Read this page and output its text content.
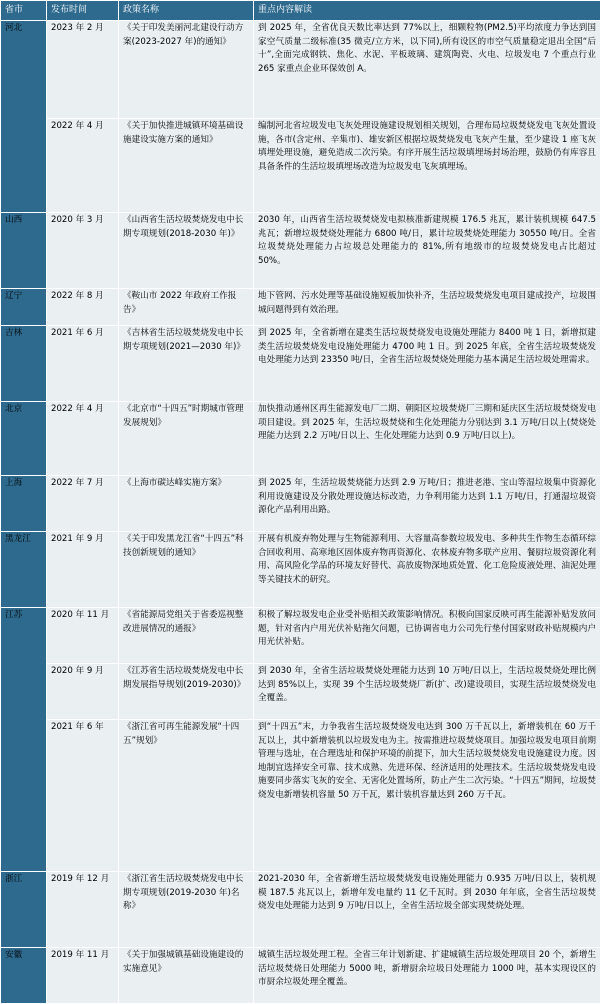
省市	发布时间	政策名称	重点内容解读
河北	2023 年 2 月	《关于印发美丽河北建设行动方案(2023-2027 年)的通知》	到 2025 年，全省优良天数比率达到 77%以上，细颗粒物(PM2.5)平均浓度力争达到国家空气质量二级标准(35 微克/立方米，以下同),所有设区的市空气质量稳定退出全国“后十”,全面完成钢铁、焦化、水泥、平板玻璃、建筑陶瓷、火电、垃圾发电 7 个重点行业 265 家重点企业环保效创 A。
	2022 年 4 月	《关于加快推进城镇环境基础设施建设实施方案的通知》	编制河北省垃圾发电飞灰处理设施建设规划相关规划，合理布局垃圾焚烧发电飞灰处置设施，各市(含定州、辛集市)、雄安新区根据垃圾焚烧发电飞灰产生量，至少建设 1 座飞灰填埋处理设施，避免造成二次污染。有序开展生活垃圾填埋场封场治理，鼓励仍有库容且具备条件的生活垃圾填埋场改造为垃圾发电飞灰填埋场。
山西	2020 年 3 月	《山西省生活垃圾焚烧发电中长期专项规划(2018-2030 年)》	2030 年，山西省生活垃圾焚烧发电拟核准新建规模 176.5 兆瓦，累计装机规模 647.5 兆瓦；新增垃圾焚烧处理能力 6800 吨/日，累计垃圾焚烧处理能力 30550 吨/日。全省垃圾焚烧处理能力占垃圾总处理能力的 81%,所有地级市的垃圾焚烧发电占比超过 50%。
辽宁	2022 年 8 月	《鞍山市 2022 年政府工作报告》	地下管网、污水处理等基础设施短板加快补齐，生活垃圾焚烧发电项目建成投产，垃圾围城问题得到有效治理。
吉林	2021 年 6 月	《吉林省生活垃圾焚烧发电中长期专项规划(2021—2030 年)》	到 2025 年，全省新增在建类生活垃圾焚烧发电设施处理能力 8400 吨 1 日，新增拟建类生活垃圾焚烧发电设施处理能力 4700 吨 1 日。到 2025 年底，全省生活垃圾焚烧发电处理能力达到 23350 吨/日，全省生活垃圾焚烧处理能力基本满足生活垃圾处理需求。
北京	2022 年 4 月	《北京市“十四五”时期城市管理发展规划》	加快推动通州区再生能源发电厂二期、朝阳区垃圾焚烧厂三期和延庆区生活垃圾焚烧发电项目建设。到 2025 年，生活垃圾焚烧和生化处理能力分别达到 3.1 万吨/日以上(焚烧处理能力达到 2.2 万吨/日以上、生化处理能力达到 0.9 万吨/日以上)。
上海	2022 年 7 月	《上海市碳达峰实施方案》	到 2025 年，生活垃圾焚烧能力达到 2.9 万吨/日；推进老港、宝山等湿垃圾集中资源化利用设施建设及分散处理设施达标改造，力争利用能力达到 1.1 万吨/日，打通湿垃圾资源化产品利用出路。
黑龙江	2021 年 9 月	《关于印发黑龙江省“十四五”科技创新规划的通知》	开展有机废弃物处理与生物能源利用、大容量高参数垃圾发电、多种共生作物生态循环综合回收利用、高寒地区固体废弃物再资源化、农林废弃物多联产应用、餐厨垃圾资源化利用、高风险化学品的环境友好替代、高放废物深地质处置、化工危险废液处理、油泥处理等关键技术的研究。
江苏	2020 年 11 月	《省能源局党组关于省委巡视整改进展情况的通报》	积极了解垃圾发电企业受补贴相关政策影响情况。积极向国家反映可再生能源补贴发放问题，针对省内户用光伏补贴拖欠问题，已协调省电力公司先行垫付国家财政补贴规模内户用光伏补贴。
	2020 年 9 月	《江苏省生活垃圾焚烧发电中长期发展指导规划(2019-2030)》	到 2030 年，全省生活垃圾焚烧处理能力达到 10 万吨/日以上，生活垃圾焚烧处理比例达到 85%以上，实现 39 个生活垃圾焚烧厂新(扩、改)建设项目，实现生活垃圾焚烧发电全覆盖。
	2021 年 6 年	《浙江省可再生能源发展“十四五”规划》	到“十四五”末，力争我省生活垃圾焚烧发电达到 300 万千瓦以上，新增装机在 60 万千瓦以上，其中新增装机以垃圾发电为主。按需推进垃圾焚烧项目。加强垃圾发电项目前期管理与选址，在合理选址和保护环境的前提下，加大生活垃圾焚烧发电设施建设力度。因地制宜选择安全可靠、技术成熟、先进环保、经济适用的处理技术。生活垃圾焚烧发电设施要同步落实飞灰的安全、无害化处置场所，防止产生二次污染。“十四五”期间，垃圾焚烧发电新增装机容量 50 万千瓦，累计装机容量达到 260 万千瓦。
浙江	2019 年 12 月	《浙江省生活垃圾焚烧发电中长期专项规划(2019-2030 年)名称》	2021-2030 年，全省新增生活垃圾焚烧发电设施处理能力 0.935 万吨/日以上，装机规模 187.5 兆瓦以上，新增年发电量约 11 亿千瓦时。到 2030 年年底，全省生活垃圾焚烧发电处理能力达到 9 万吨/日以上，全省生活垃圾全部实现焚烧处理。
安徽	2019 年 11 月	《关于加强城镇基础设施建设的实施意见》	城镇生活垃圾处理工程。全省三年计划新建、扩建城镇生活垃圾处理项目 20 个，新增生活垃圾焚烧日处理能力 5000 吨，新增厨余垃圾日处理能力 1000 吨，基本实现设区的市厨余垃圾处理全覆盖。
